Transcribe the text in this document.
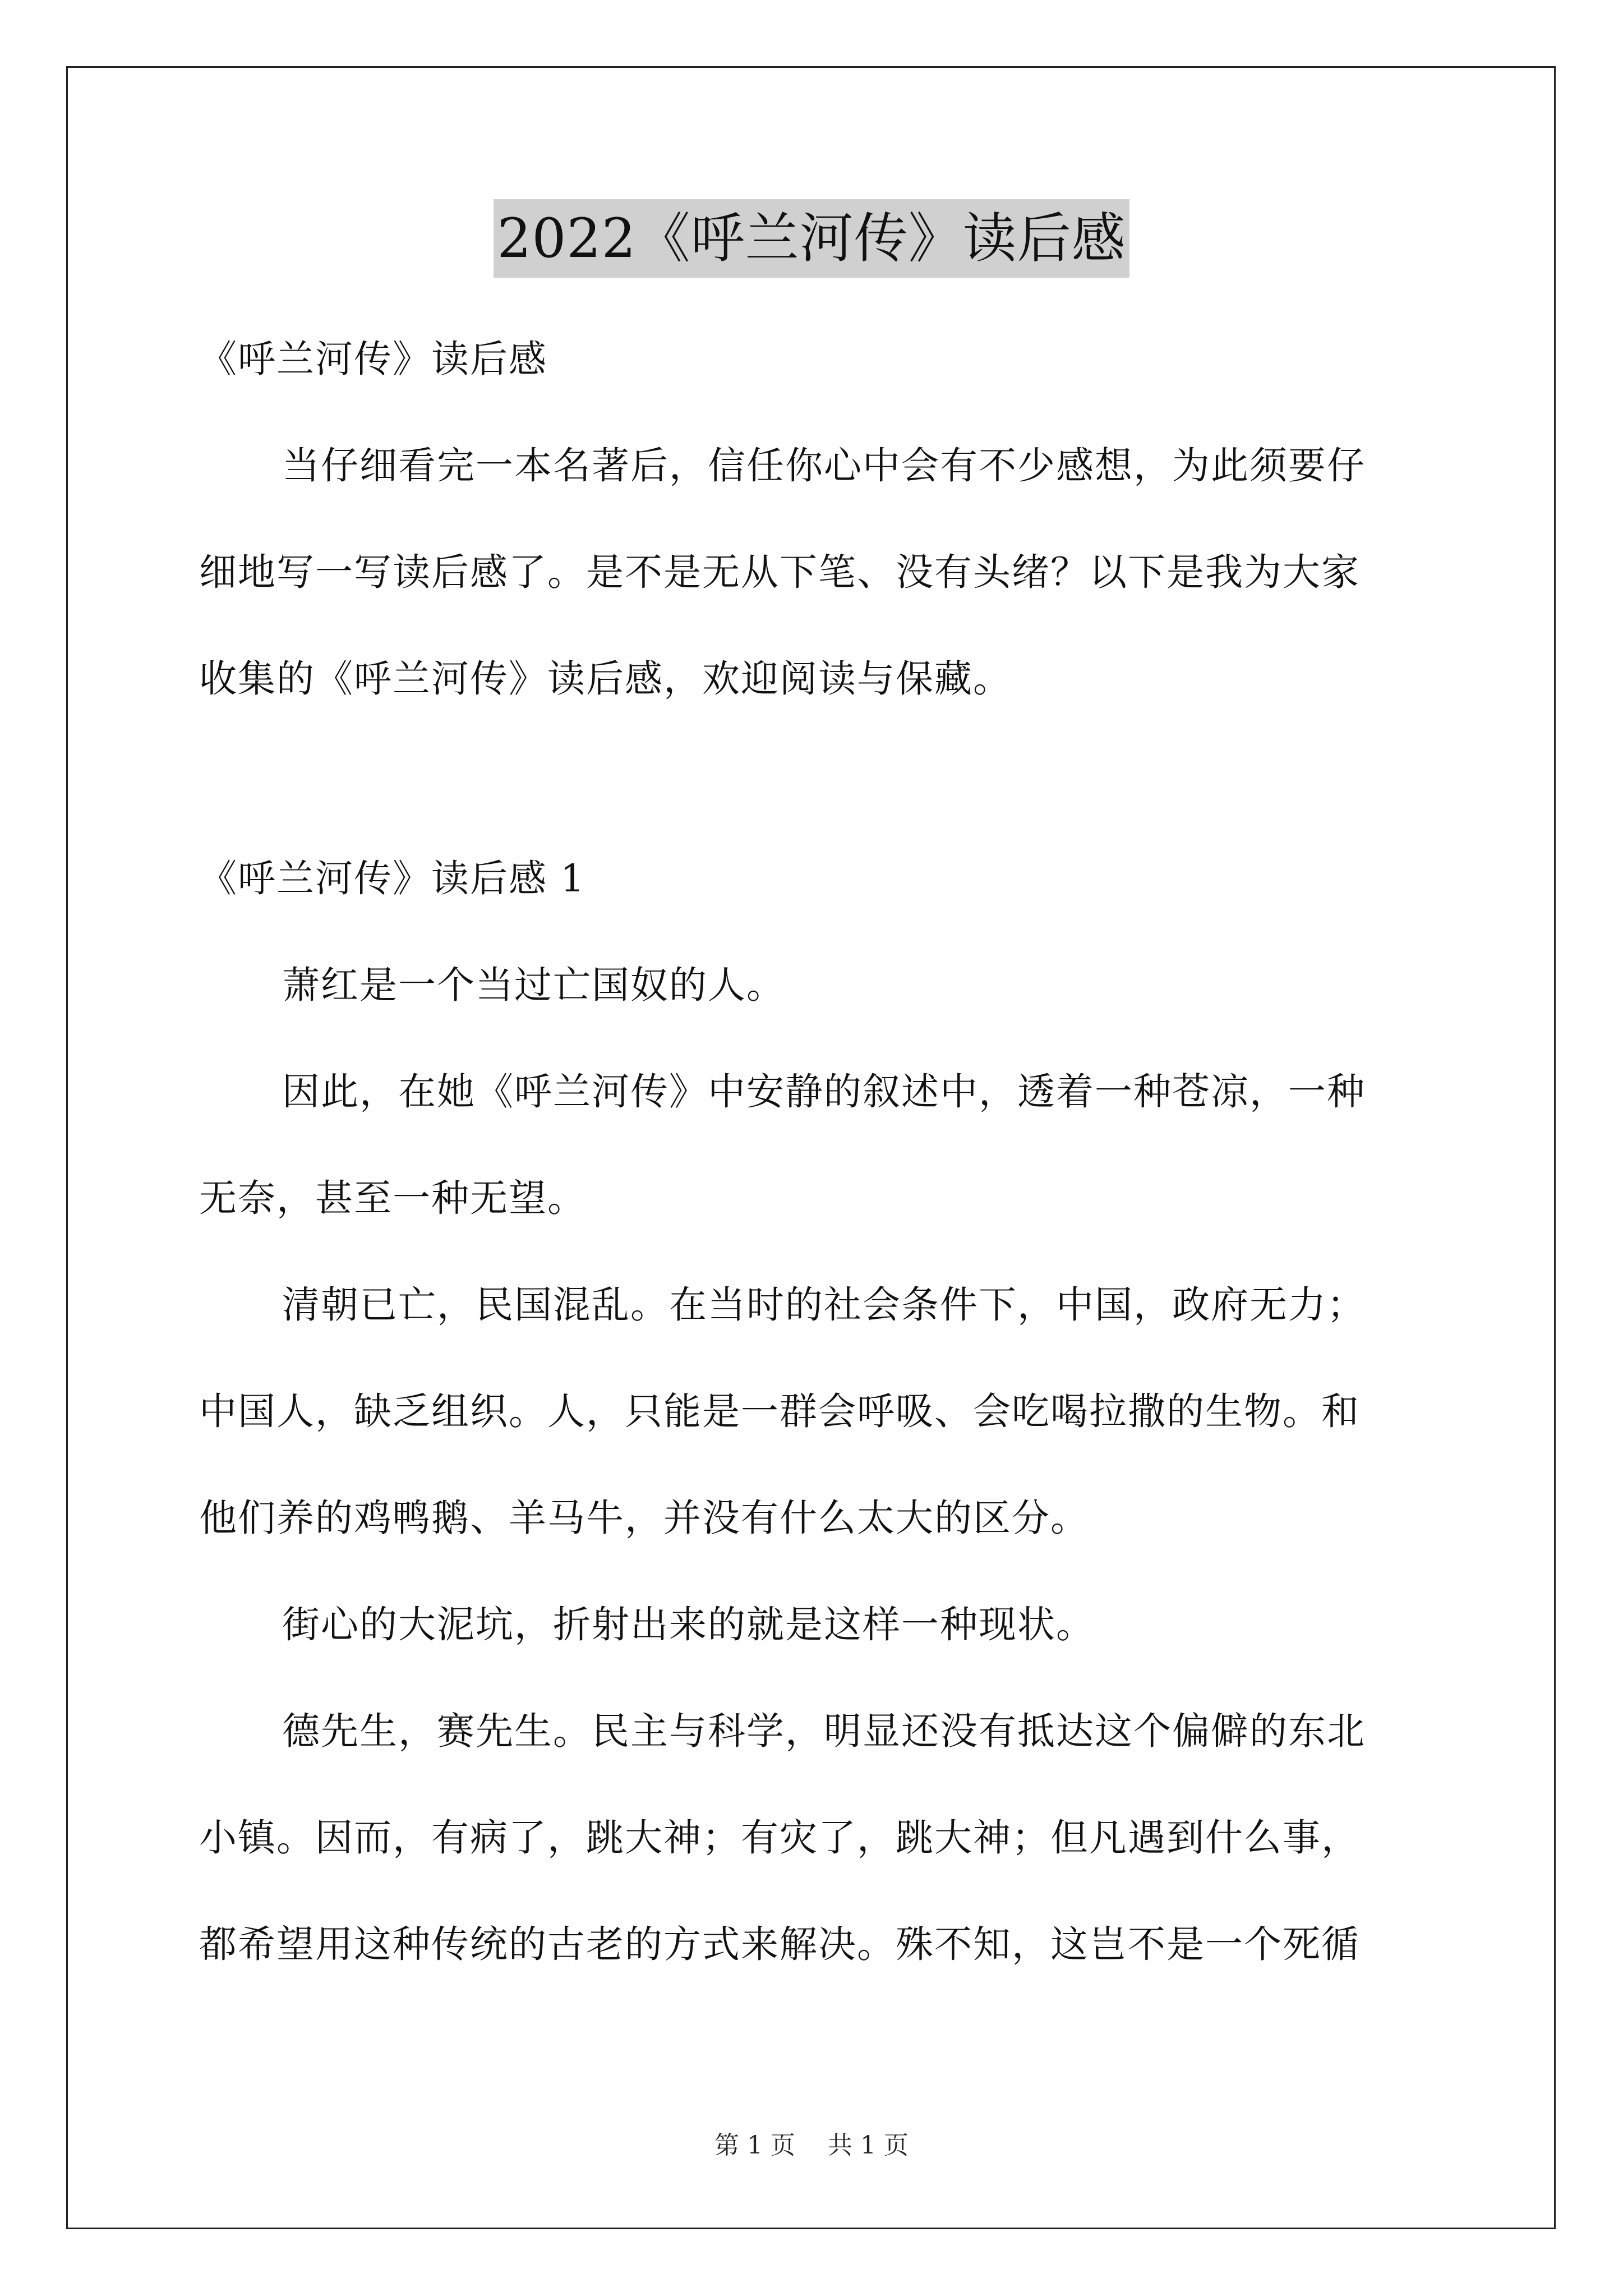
2022《呼兰河传》读后感
《呼兰河传》读后感
当仔细看完一本名著后，信任你心中会有不少感想，为此须要仔
细地写一写读后感了。是不是无从下笔、没有头绪？以下是我为大家
收集的《呼兰河传》读后感，欢迎阅读与保藏。
《呼兰河传》读后感 1
萧红是一个当过亡国奴的人。
因此，在她《呼兰河传》中安静的叙述中，透着一种苍凉，一种
无奈，甚至一种无望。
清朝已亡，民国混乱。在当时的社会条件下，中国，政府无力；
中国人，缺乏组织。人，只能是一群会呼吸、会吃喝拉撒的生物。和
他们养的鸡鸭鹅、羊马牛，并没有什么太大的区分。
街心的大泥坑，折射出来的就是这样一种现状。
德先生，赛先生。民主与科学，明显还没有抵达这个偏僻的东北
小镇。因而，有病了，跳大神；有灾了，跳大神；但凡遇到什么事，
都希望用这种传统的古老的方式来解决。殊不知，这岂不是一个死循
第 1 页 共 1 页
